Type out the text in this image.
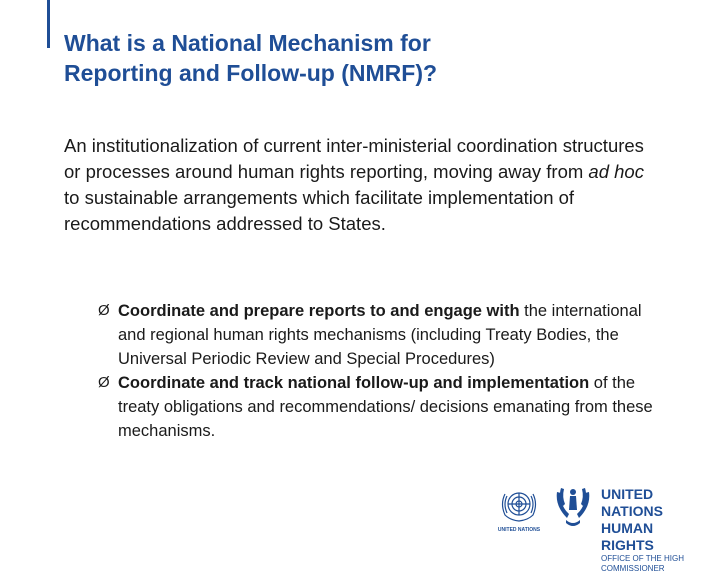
What is a National Mechanism for
Reporting and Follow-up (NMRF)?

An institutionalization of current inter-ministerial coordination structures or processes around human rights reporting, moving away from ad hoc to sustainable arrangements which facilitate implementation of recommendations addressed to States.

Ø Coordinate and prepare reports to and engage with the international and regional human rights mechanisms (including Treaty Bodies, the Universal Periodic Review and Special Procedures)
Ø Coordinate and track national follow-up and implementation of the treaty obligations and recommendations/ decisions emanating from these mechanisms.
UNITED NATIONS
UNITED NATIONS
HUMAN RIGHTS
OFFICE OF THE HIGH COMMISSIONER
